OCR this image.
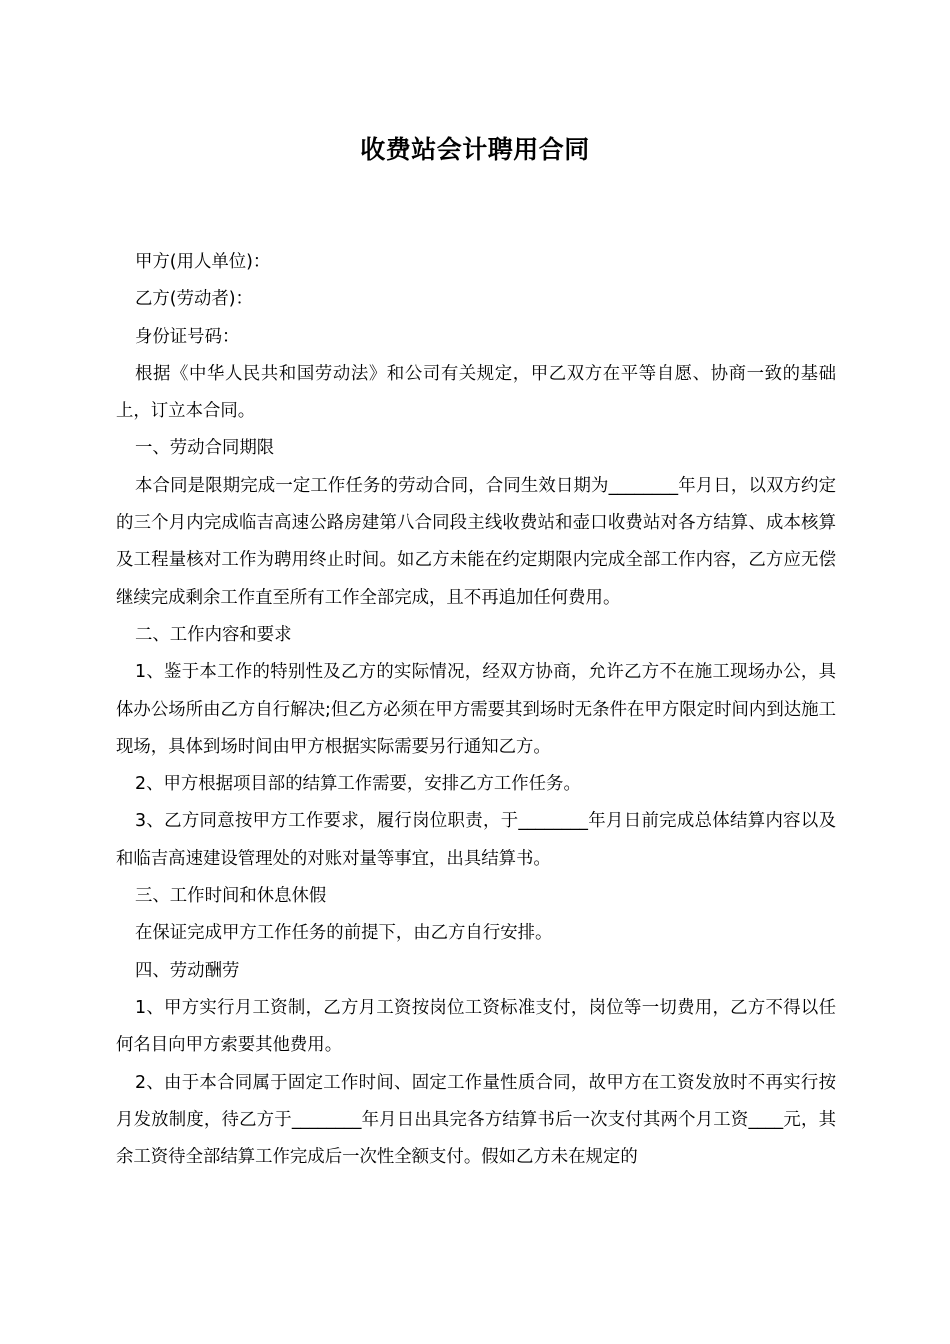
收费站会计聘用合同

甲方(用人单位)：

乙方(劳动者)：

身份证号码：

根据《中华人民共和国劳动法》和公司有关规定，甲乙双方在平等自愿、协商一致的基础上，订立本合同。

一、劳动合同期限

本合同是限期完成一定工作任务的劳动合同，合同生效日期为________年月日，以双方约定的三个月内完成临吉高速公路房建第八合同段主线收费站和壶口收费站对各方结算、成本核算及工程量核对工作为聘用终止时间。如乙方未能在约定期限内完成全部工作内容，乙方应无偿继续完成剩余工作直至所有工作全部完成，且不再追加任何费用。

二、工作内容和要求

1、鉴于本工作的特别性及乙方的实际情况，经双方协商，允许乙方不在施工现场办公，具体办公场所由乙方自行解决;但乙方必须在甲方需要其到场时无条件在甲方限定时间内到达施工现场，具体到场时间由甲方根据实际需要另行通知乙方。

2、甲方根据项目部的结算工作需要，安排乙方工作任务。

3、乙方同意按甲方工作要求，履行岗位职责，于________年月日前完成总体结算内容以及和临吉高速建设管理处的对账对量等事宜，出具结算书。

三、工作时间和休息休假

在保证完成甲方工作任务的前提下，由乙方自行安排。

四、劳动酬劳

1、甲方实行月工资制，乙方月工资按岗位工资标准支付，岗位等一切费用，乙方不得以任何名目向甲方索要其他费用。

2、由于本合同属于固定工作时间、固定工作量性质合同，故甲方在工资发放时不再实行按月发放制度，待乙方于________年月日出具完各方结算书后一次支付其两个月工资____元，其余工资待全部结算工作完成后一次性全额支付。假如乙方未在规定的
